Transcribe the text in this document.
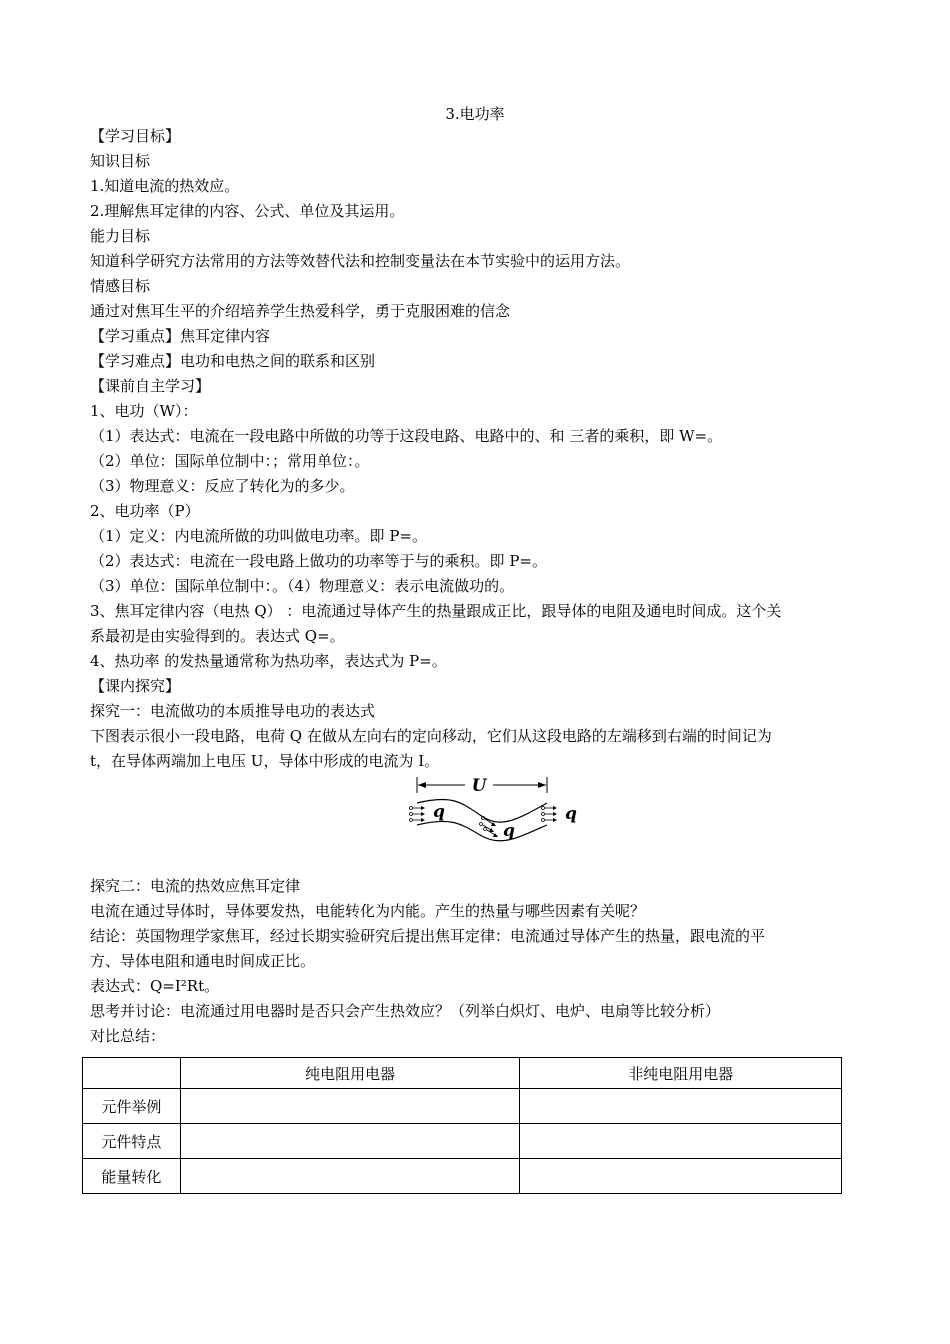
3.电功率
【学习目标】
知识目标
1.知道电流的热效应。
2.理解焦耳定律的内容、公式、单位及其运用。
能力目标
知道科学研究方法常用的方法等效替代法和控制变量法在本节实验中的运用方法。
情感目标
通过对焦耳生平的介绍培养学生热爱科学，勇于克服困难的信念
【学习重点】焦耳定律内容
【学习难点】电功和电热之间的联系和区别
【课前自主学习】
1、电功（W）：
（1）表达式：电流在一段电路中所做的功等于这段电路、电路中的、和 三者的乘积，即 W=。
（2）单位：国际单位制中：；常用单位：。
（3）物理意义：反应了转化为的多少。
2、电功率（P）
（1）定义：内电流所做的功叫做电功率。即 P=。
（2）表达式：电流在一段电路上做功的功率等于与的乘积。即 P=。
（3）单位：国际单位制中：。（4）物理意义：表示电流做功的。
3、焦耳定律内容（电热 Q） ：电流通过导体产生的热量跟成正比，跟导体的电阻及通电时间成。这个关
系最初是由实验得到的。表达式 Q=。
4、热功率 的发热量通常称为热功率，表达式为 P=。
【课内探究】
探究一：电流做功的本质推导电功的表达式
下图表示很小一段电路，电荷 Q 在做从左向右的定向移动，它们从这段电路的左端移到右端的时间记为
t，在导体两端加上电压 U，导体中形成的电流为 I。
U
q
q
q
探究二：电流的热效应焦耳定律
电流在通过导体时，导体要发热，电能转化为内能。产生的热量与哪些因素有关呢？
结论：英国物理学家焦耳，经过长期实验研究后提出焦耳定律：电流通过导体产生的热量，跟电流的平
方、导体电阻和通电时间成正比。
表达式：Q=I²Rt。
思考并讨论：电流通过用电器时是否只会产生热效应？（列举白炽灯、电炉、电扇等比较分析）
对比总结：
	纯电阻用电器	非纯电阻用电器
元件举例		
元件特点		
能量转化		
